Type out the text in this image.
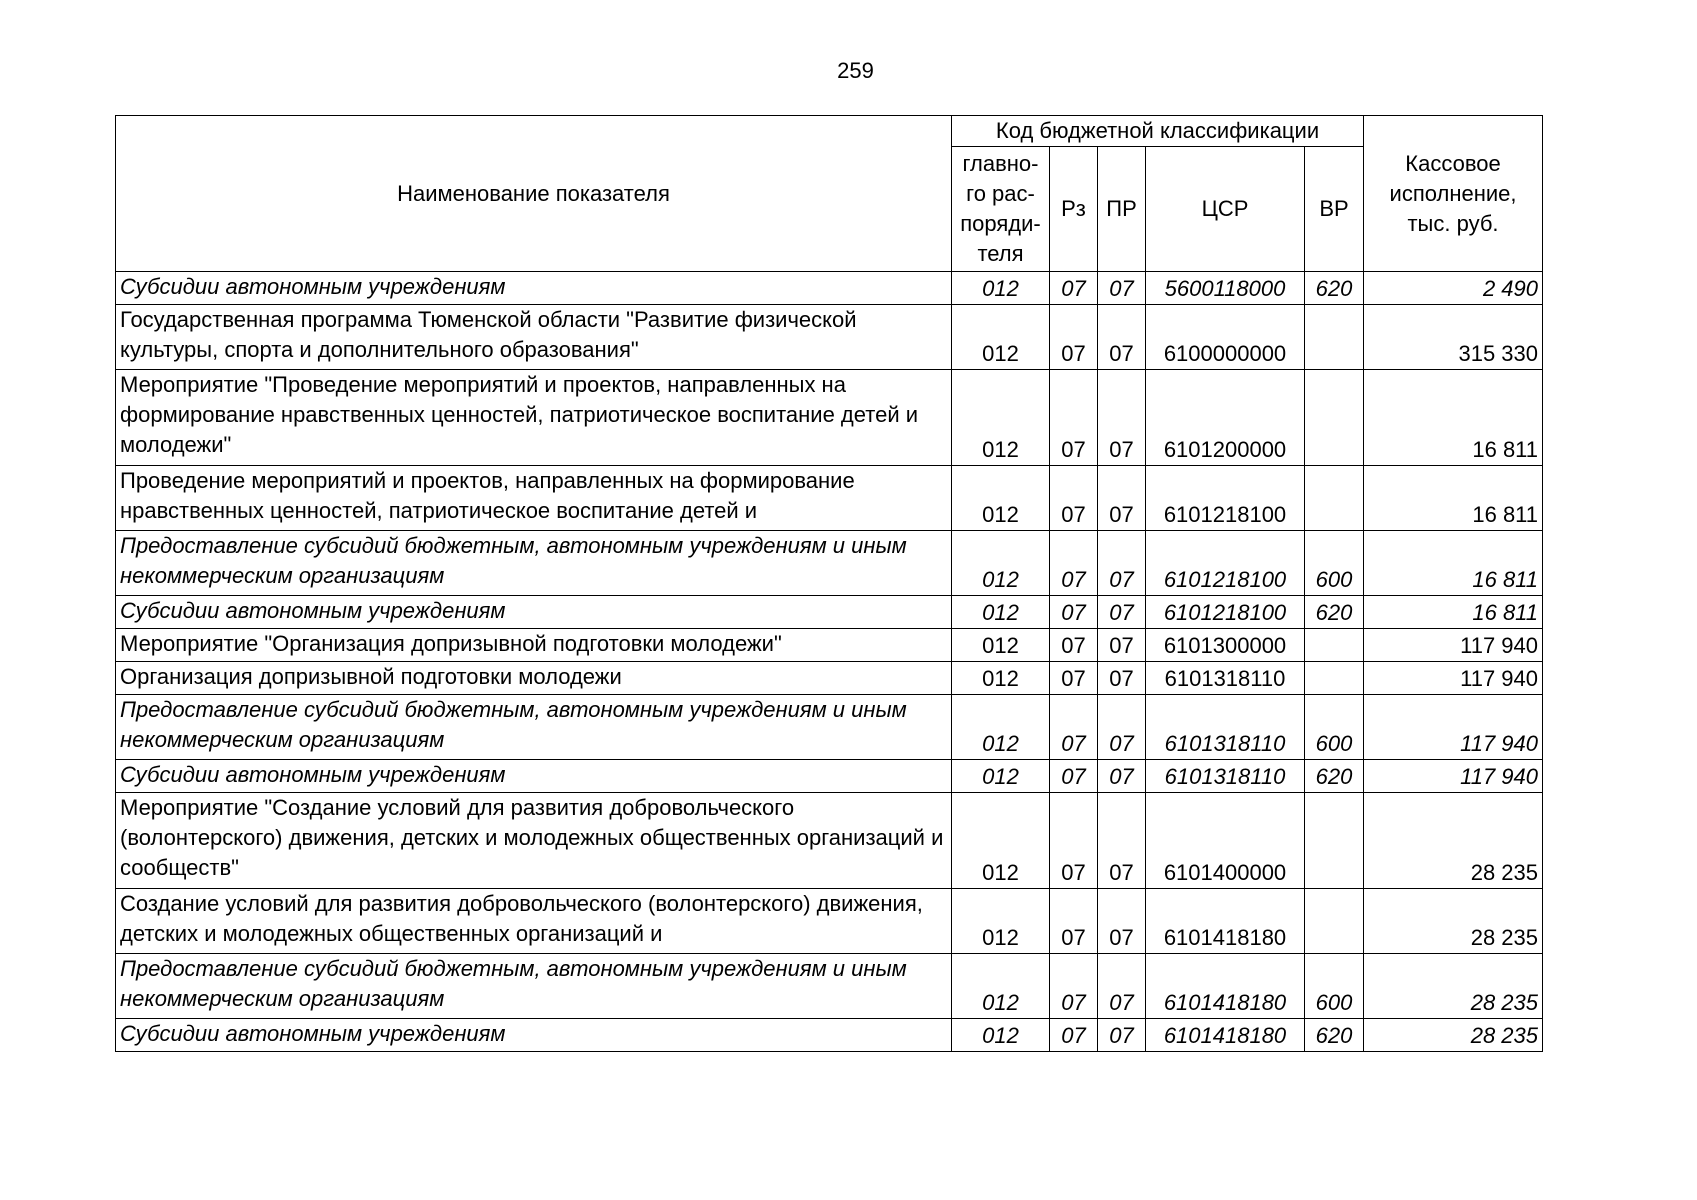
259
Наименование показателя	Код бюджетной классификации					Кассовое исполнение, тыс. руб.
	главно-го рас-поряди-теля	Рз	ПР	ЦСР	ВР	
Субсидии автономным учреждениям	012	07	07	5600118000	620	2 490
Государственная программа Тюменской области "Развитие физической культуры, спорта и дополнительного образования"	012	07	07	6100000000		315 330
Мероприятие "Проведение мероприятий и проектов, направленных на формирование нравственных ценностей, патриотическое воспитание детей и молодежи"	012	07	07	6101200000		16 811
Проведение мероприятий и проектов, направленных на формирование нравственных ценностей, патриотическое воспитание детей и	012	07	07	6101218100		16 811
Предоставление субсидий бюджетным, автономным учреждениям и иным некоммерческим организациям	012	07	07	6101218100	600	16 811
Субсидии автономным учреждениям	012	07	07	6101218100	620	16 811
Мероприятие "Организация допризывной подготовки молодежи"	012	07	07	6101300000		117 940
Организация допризывной подготовки молодежи	012	07	07	6101318110		117 940
Предоставление субсидий бюджетным, автономным учреждениям и иным некоммерческим организациям	012	07	07	6101318110	600	117 940
Субсидии автономным учреждениям	012	07	07	6101318110	620	117 940
Мероприятие "Создание условий для развития добровольческого (волонтерского) движения, детских и молодежных общественных организаций и сообществ"	012	07	07	6101400000		28 235
Создание условий для развития добровольческого (волонтерского) движения, детских и молодежных общественных организаций и	012	07	07	6101418180		28 235
Предоставление субсидий бюджетным, автономным учреждениям и иным некоммерческим организациям	012	07	07	6101418180	600	28 235
Субсидии автономным учреждениям	012	07	07	6101418180	620	28 235
